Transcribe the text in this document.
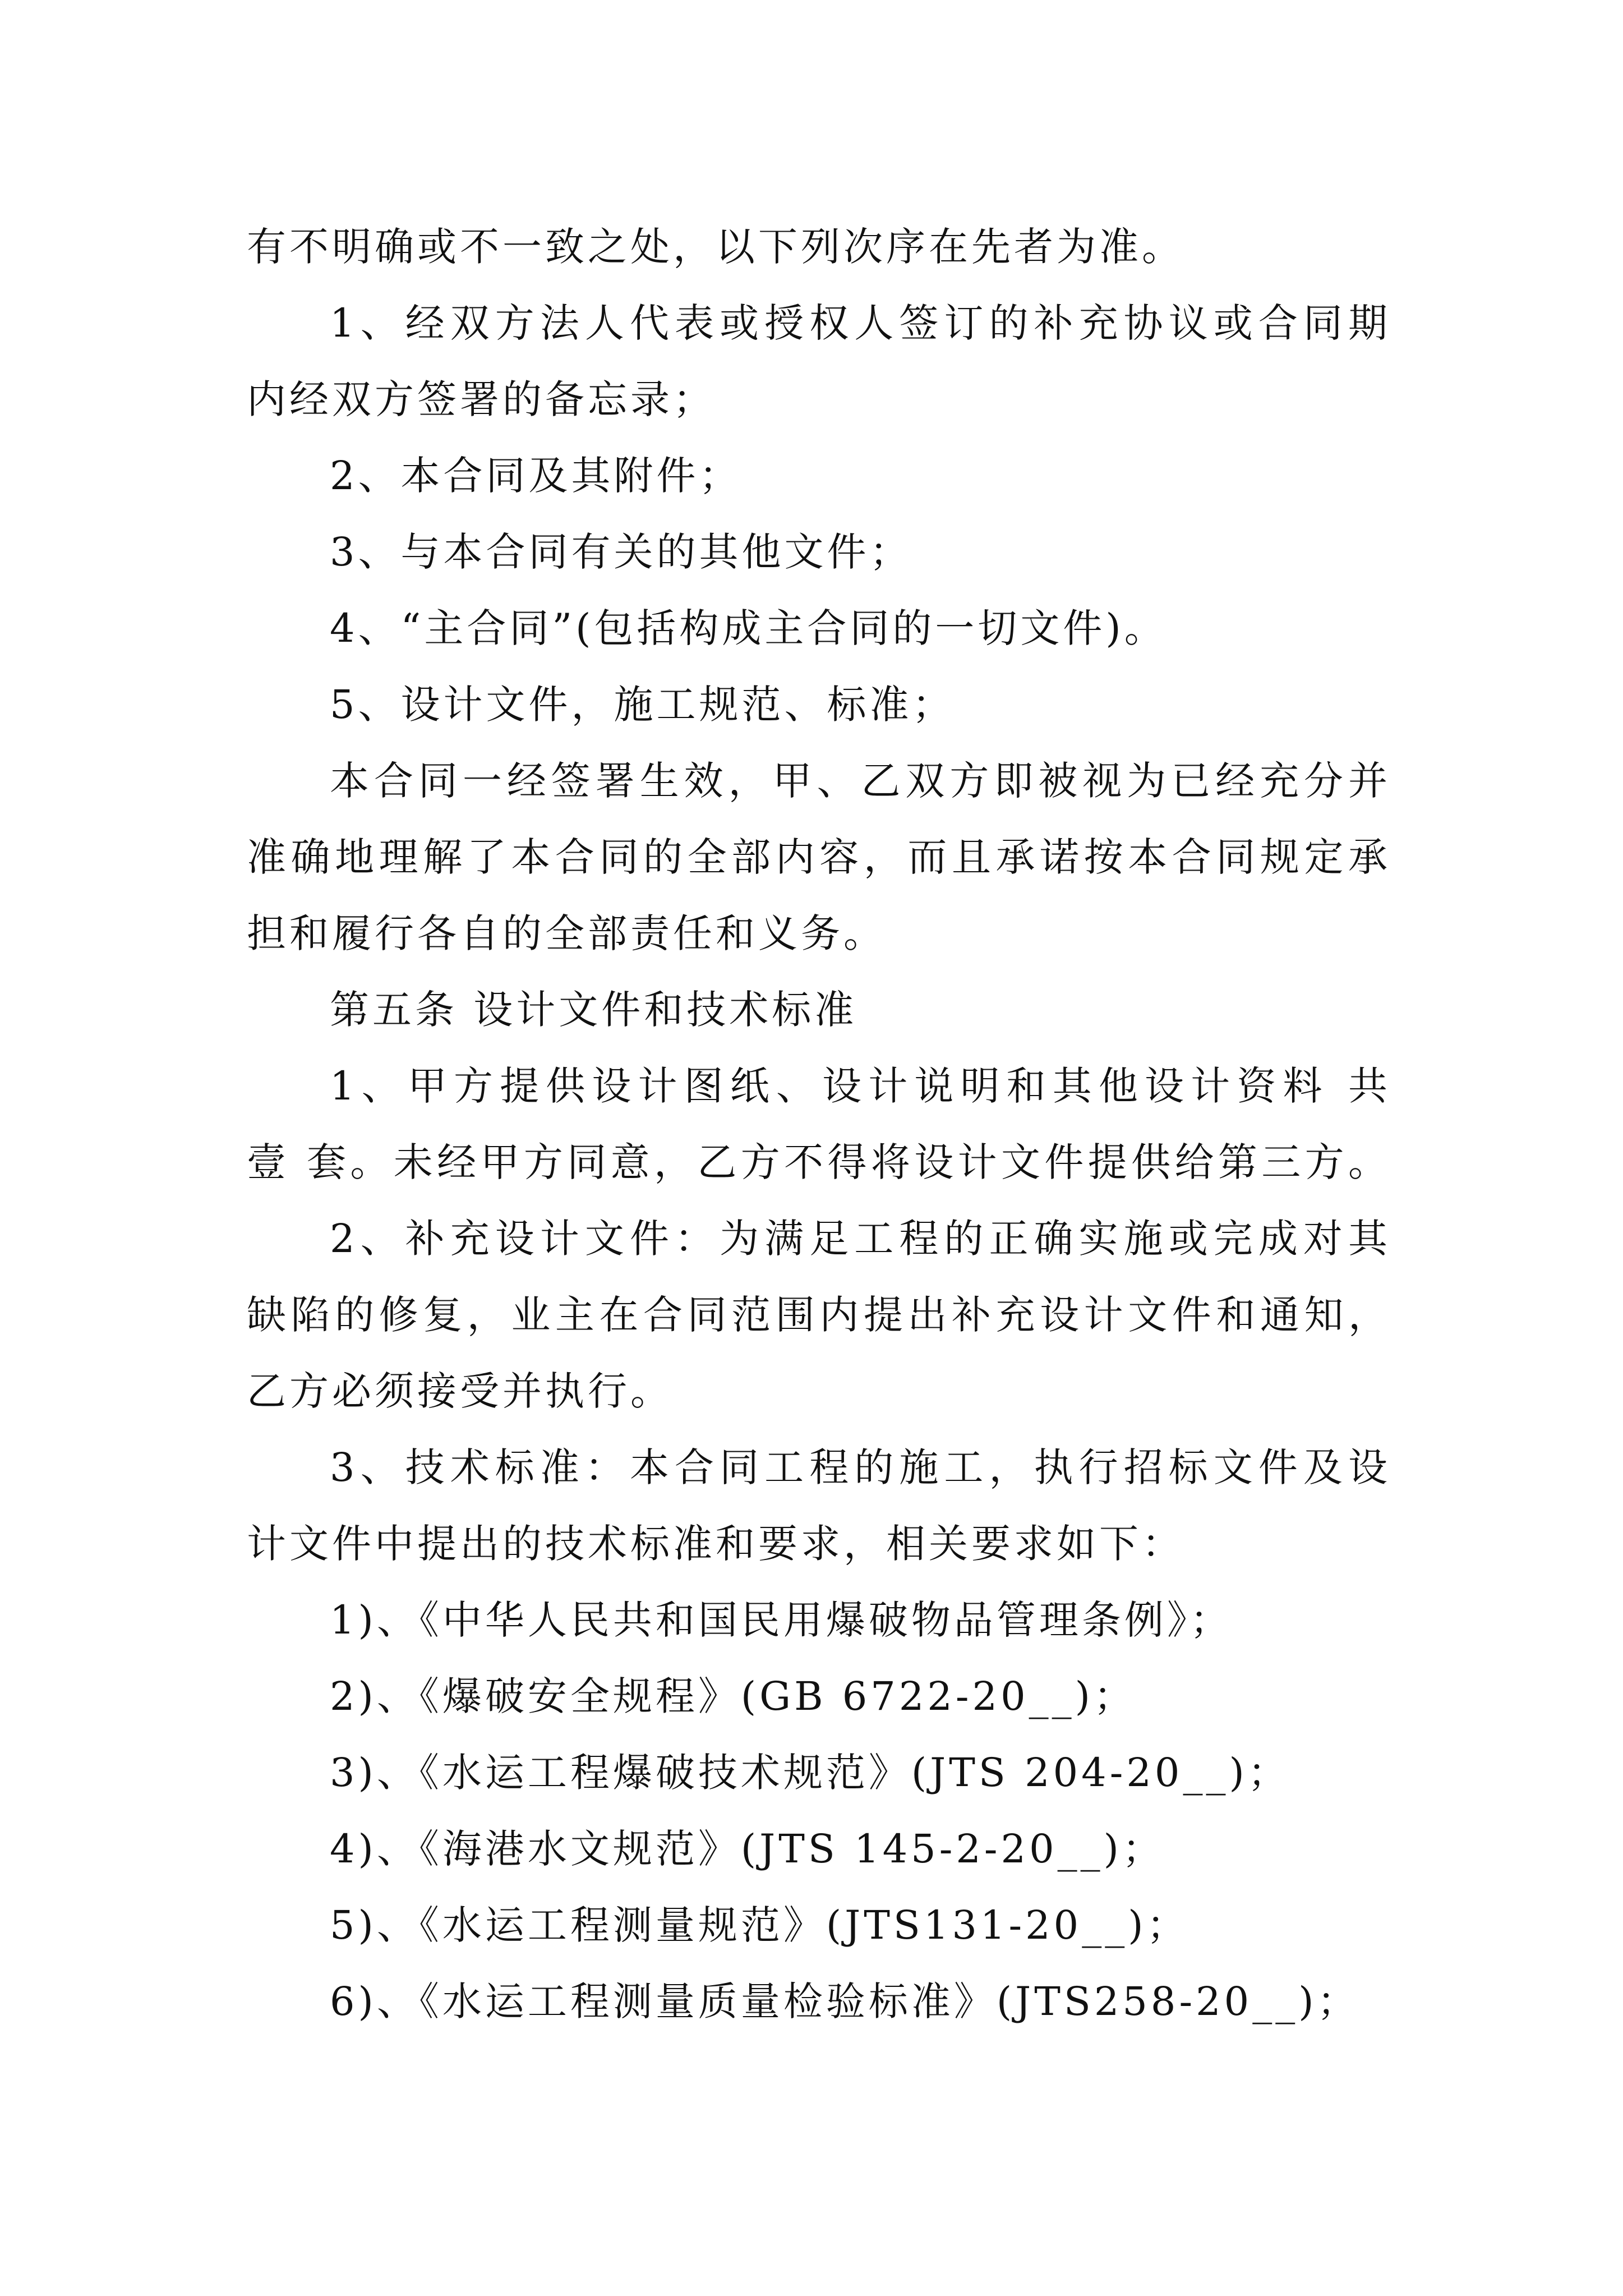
有不明确或不一致之处，以下列次序在先者为准。
1、经双方法人代表或授权人签订的补充协议或合同期
内经双方签署的备忘录；
2、本合同及其附件；
3、与本合同有关的其他文件；
4、“主合同”(包括构成主合同的一切文件)。
5、设计文件，施工规范、标准；
本合同一经签署生效，甲、乙双方即被视为已经充分并
准确地理解了本合同的全部内容，而且承诺按本合同规定承
担和履行各自的全部责任和义务。
第五条 设计文件和技术标准
1、甲方提供设计图纸、设计说明和其他设计资料 共
壹 套。未经甲方同意，乙方不得将设计文件提供给第三方。
2、补充设计文件：为满足工程的正确实施或完成对其
缺陷的修复，业主在合同范围内提出补充设计文件和通知，
乙方必须接受并执行。
3、技术标准：本合同工程的施工，执行招标文件及设
计文件中提出的技术标准和要求，相关要求如下：
1)、《中华人民共和国民用爆破物品管理条例》；
2)、《爆破安全规程》(GB 6722-20__)；
3)、《水运工程爆破技术规范》(JTS 204-20__)；
4)、《海港水文规范》(JTS 145-2-20__)；
5)、《水运工程测量规范》(JTS131-20__)；
6)、《水运工程测量质量检验标准》(JTS258-20__)；
